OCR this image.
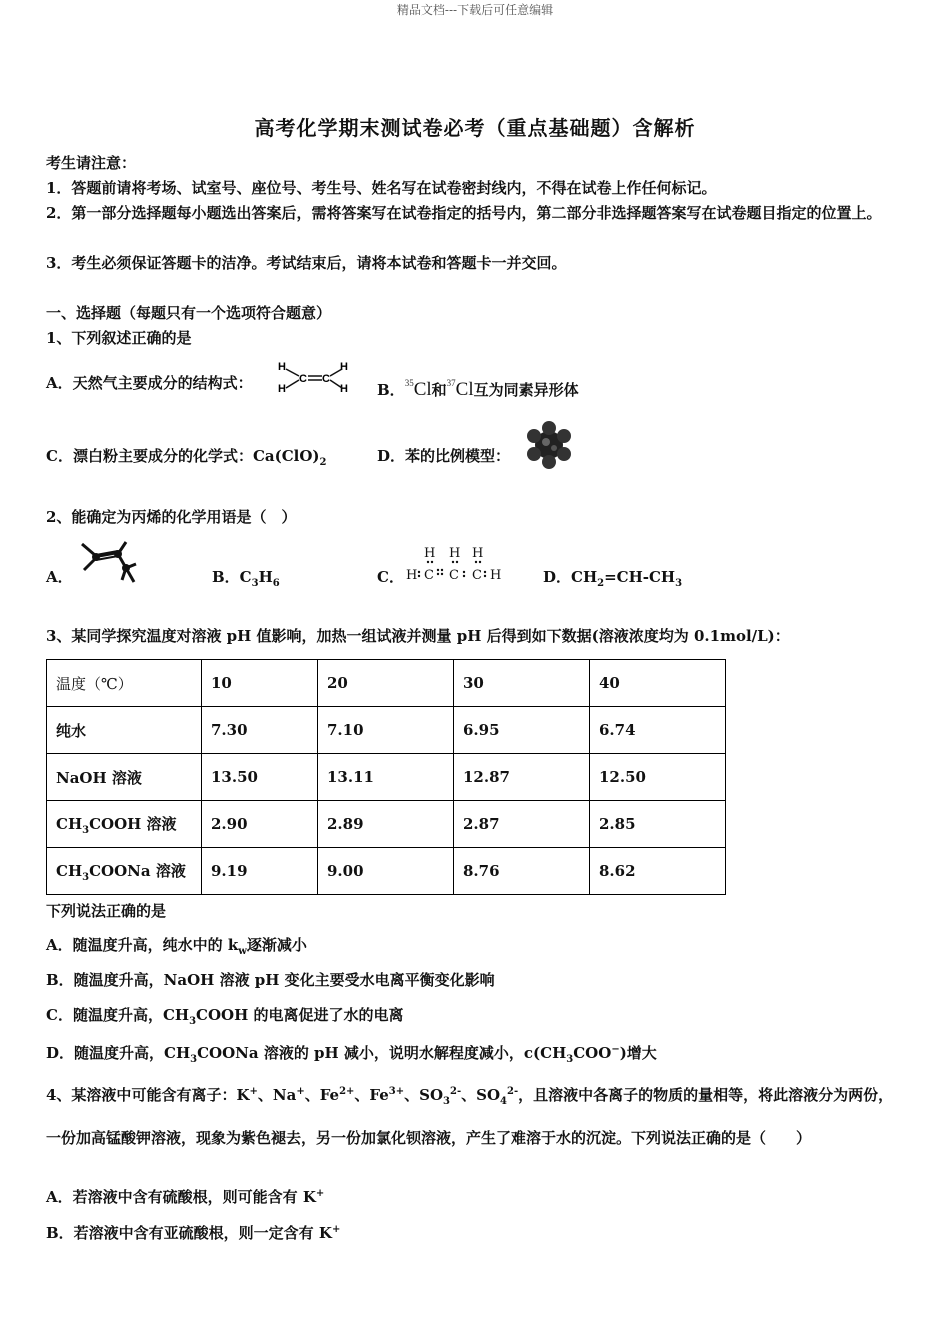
精品文档---下载后可任意编辑
高考化学期末测试卷必考（重点基础题）含解析
考生请注意：
1．答题前请将考场、试室号、座位号、考生号、姓名写在试卷密封线内，不得在试卷上作任何标记。
2．第一部分选择题每小题选出答案后，需将答案写在试卷指定的括号内，第二部分非选择题答案写在试卷题目指定的位置上。
3．考生必须保证答题卡的洁净。考试结束后，请将本试卷和答题卡一并交回。
一、选择题（每题只有一个选项符合题意）
1、下列叙述正确的是
A．天然气主要成分的结构式：
H
H
H
H
C C
B．$^{35}$Cl和$^{37}$Cl互为同素异形体
C．漂白粉主要成分的化学式：$Ca(ClO)_2$	D．苯的比例模型：
2、能确定为丙烯的化学用语是（　）
A．	B．$C_3H_6$	C．
H H H
H C C C H	D．$CH_2=CH-CH_3$
3、某同学探究温度对溶液 pH 值影响，加热一组试液并测量 pH 后得到如下数据(溶液浓度均为 0.1mol/L)：
温度（℃）	10	20	30	40
纯水	7.30	7.10	6.95	6.74
NaOH 溶液	13.50	13.11	12.87	12.50
$CH_3COOH$ 溶液	2.90	2.89	2.87	2.85
$CH_3COONa$ 溶液	9.19	9.00	8.76	8.62
下列说法正确的是
A．随温度升高，纯水中的 $k_w$逐渐减小
B．随温度升高，NaOH 溶液 pH 变化主要受水电离平衡变化影响
C．随温度升高，$CH_3COOH$ 的电离促进了水的电离
D．随温度升高，$CH_3COONa$ 溶液的 pH 减小，说明水解程度减小，$c(CH_3COO^-)$增大
4、某溶液中可能含有离子：K+、Na+、$Fe^{2+}$、$Fe^{3+}$、$SO_3^{2-}$、$SO_4^{2-}$，且溶液中各离子的物质的量相等，将此溶液分为两份，一份加高锰酸钾溶液，现象为紫色褪去，另一份加氯化钡溶液，产生了难溶于水的沉淀。下列说法正确的是（　　）
A．若溶液中含有硫酸根，则可能含有 K+
B．若溶液中含有亚硫酸根，则一定含有 K+
